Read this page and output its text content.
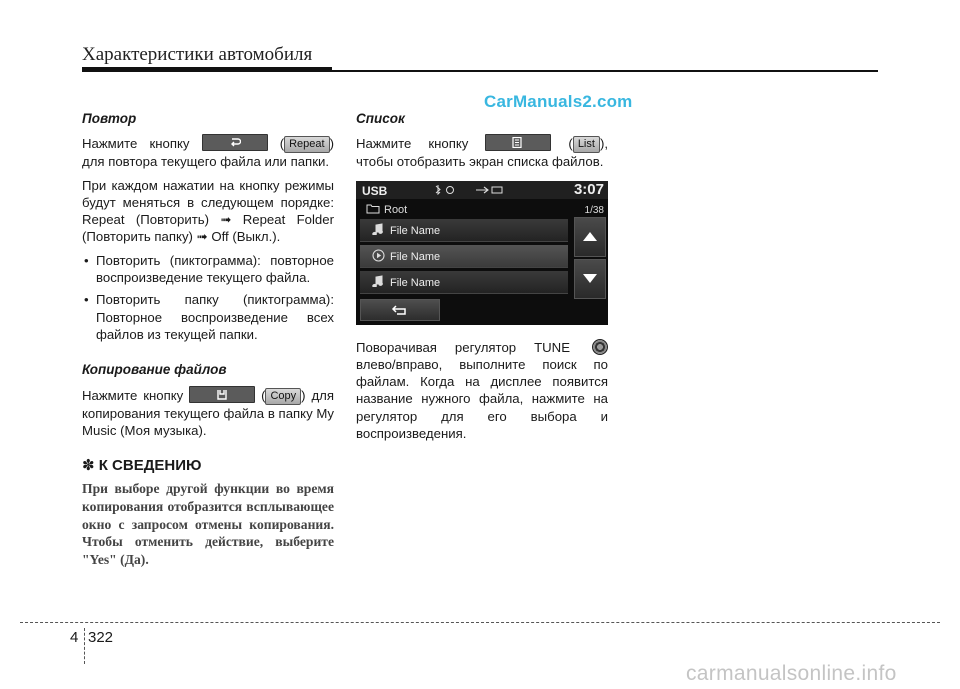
Характеристики автомобиля
CarManuals2.com
Повтор

Нажмите кнопку	( Repeat ) для повтора текущего файла или папки.

При каждом нажатии на кнопку режимы будут меняться в следующем порядке: Repeat (Повторить) ➟ Repeat Folder (Повторить папку) ➟ Off (Выкл.).

• Повторить (пиктограмма): повторное воспроизведение текущего файла.
• Повторить папку (пиктограмма): Повторное воспроизведение всех файлов из текущей папки.
Копирование файлов

Нажмите кнопку	( Copy ) для копирования текущего файла в папку My Music (Моя музыка).

✽ К СВЕДЕНИЮ
При выборе другой функции во время копирования отобразится всплывающее окно с запросом отмены копирования. Чтобы отменить действие, выберите "Yes" (Да).
Список

Нажмите кнопку	( List ), чтобы отобразить экран списка файлов.

USB	3:07
Root	1/38
File Name
File Name
File Name

Поворачивая регулятор TUNE влево/вправо, выполните поиск по файлам. Когда на дисплее появится название нужного файла, нажмите на регулятор для его выбора и воспроизведения.

4 322
carmanualsonline.info
